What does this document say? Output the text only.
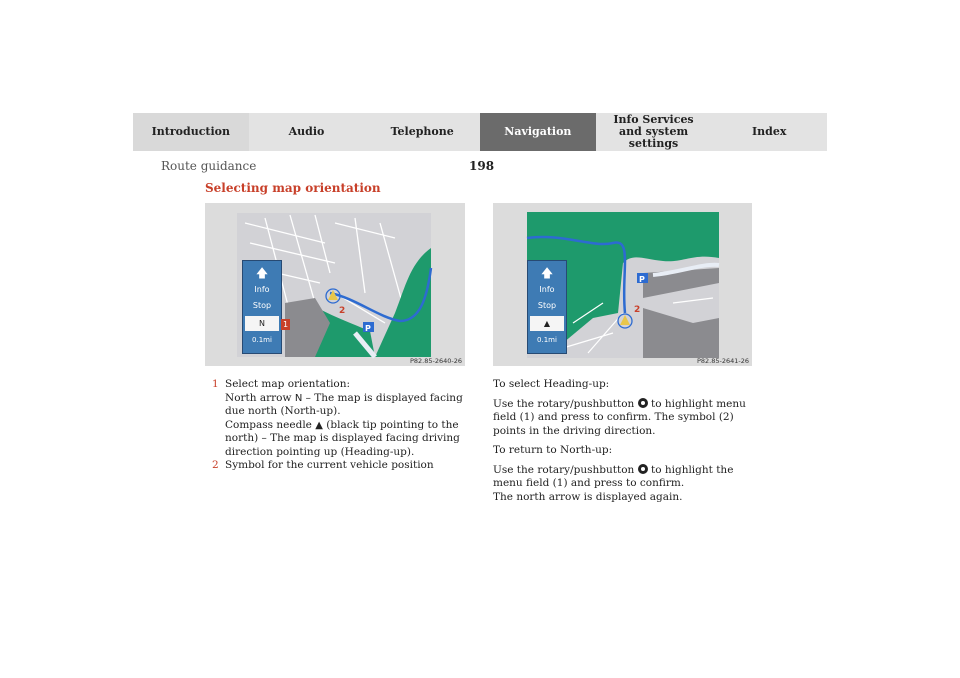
Introduction	Audio	Telephone	Navigation
Info Services and system settings
Index
198
Route guidance
Selecting map orientation
P
🡅
Info
Stop
N
0.1mi
1
2
P82.85-2640-26
P
🡅
Info
Stop
▲
0.1mi
2
P82.85-2641-26
1 Select map orientation:
North arrow N – The map is displayed facing due north (North-up).
Compass needle ▲ (black tip pointing to the north) – The map is displayed facing driving direction pointing up (Heading-up).
2 Symbol for the current vehicle position

To select Heading-up:

Use the rotary/pushbutton to highlight menu field (1) and press to confirm. The symbol (2) points in the driving direction.

To return to North-up:

Use the rotary/pushbutton to highlight the menu field (1) and press to confirm.

The north arrow is displayed again.
